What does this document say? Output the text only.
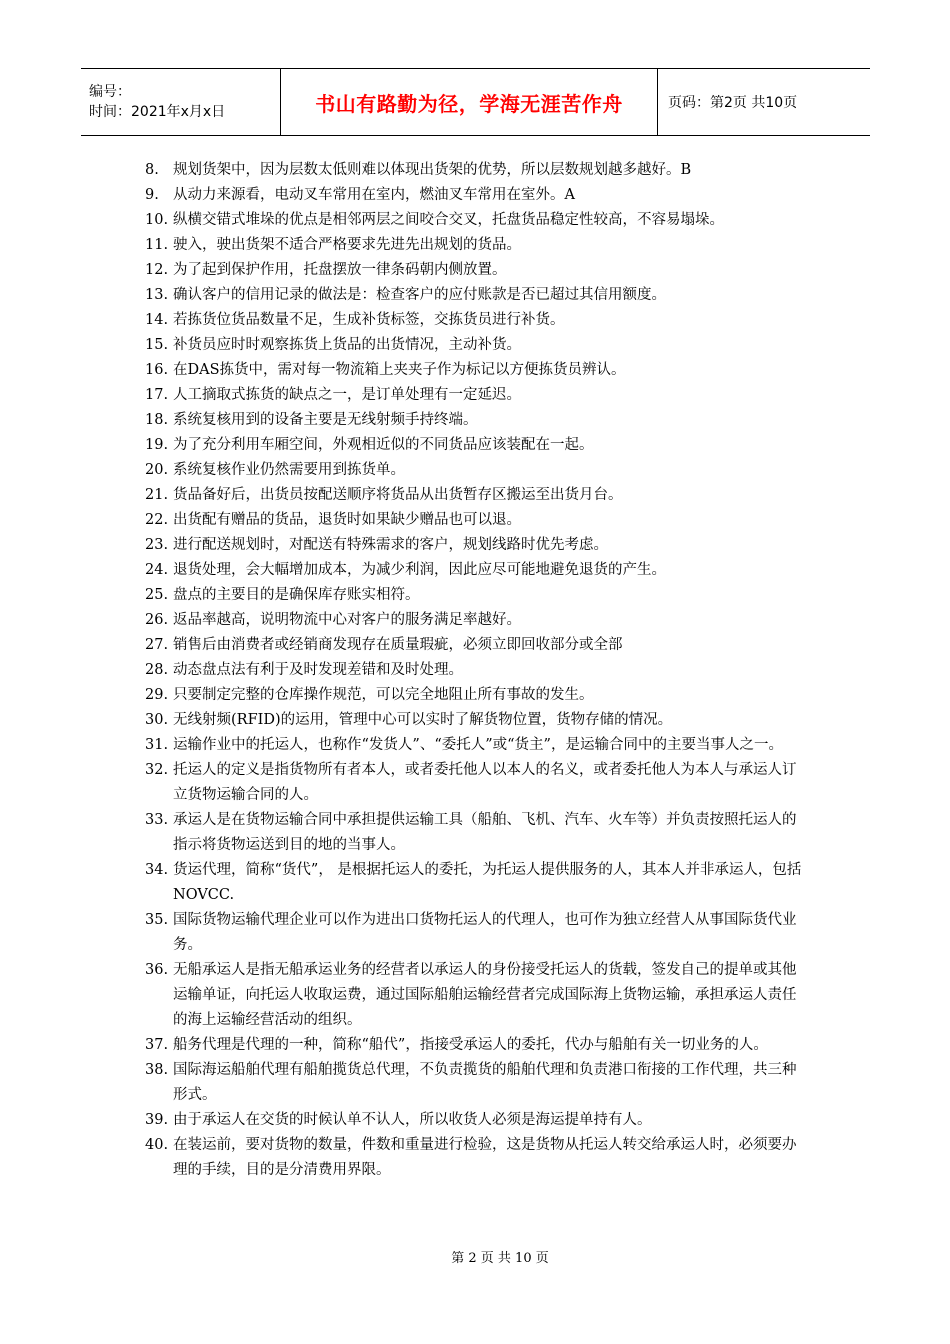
编号：
时间：2021年x月x日	书山有路勤为径，学海无涯苦作舟	页码：第2页 共10页
8. 规划货架中，因为层数太低则难以体现出货架的优势，所以层数规划越多越好。B
9. 从动力来源看，电动叉车常用在室内，燃油叉车常用在室外。A
10. 纵横交错式堆垛的优点是相邻两层之间咬合交叉，托盘货品稳定性较高，不容易塌垛。
11. 驶入，驶出货架不适合严格要求先进先出规划的货品。
12. 为了起到保护作用，托盘摆放一律条码朝内侧放置。
13. 确认客户的信用记录的做法是：检查客户的应付账款是否已超过其信用额度。
14. 若拣货位货品数量不足，生成补货标签，交拣货员进行补货。
15. 补货员应时时观察拣货上货品的出货情况，主动补货。
16. 在DAS拣货中，需对每一物流箱上夹夹子作为标记以方便拣货员辨认。
17. 人工摘取式拣货的缺点之一，是订单处理有一定延迟。
18. 系统复核用到的设备主要是无线射频手持终端。
19. 为了充分利用车厢空间，外观相近似的不同货品应该装配在一起。
20. 系统复核作业仍然需要用到拣货单。
21. 货品备好后，出货员按配送顺序将货品从出货暂存区搬运至出货月台。
22. 出货配有赠品的货品，退货时如果缺少赠品也可以退。
23. 进行配送规划时，对配送有特殊需求的客户，规划线路时优先考虑。
24. 退货处理，会大幅增加成本，为减少利润，因此应尽可能地避免退货的产生。
25. 盘点的主要目的是确保库存账实相符。
26. 返品率越高，说明物流中心对客户的服务满足率越好。
27. 销售后由消费者或经销商发现存在质量瑕疵，必须立即回收部分或全部
28. 动态盘点法有利于及时发现差错和及时处理。
29. 只要制定完整的仓库操作规范，可以完全地阻止所有事故的发生。
30. 无线射频(RFID)的运用，管理中心可以实时了解货物位置，货物存储的情况。
31. 运输作业中的托运人，也称作“发货人”、“委托人”或“货主”，是运输合同中的主要当事人之一。
32. 托运人的定义是指货物所有者本人，或者委托他人以本人的名义，或者委托他人为本人与承运人订立货物运输合同的人。
33. 承运人是在货物运输合同中承担提供运输工具（船舶、飞机、汽车、火车等）并负责按照托运人的指示将货物运送到目的地的当事人。
34. 货运代理，简称“货代”， 是根据托运人的委托，为托运人提供服务的人，其本人并非承运人，包括NOVCC.
35. 国际货物运输代理企业可以作为进出口货物托运人的代理人，也可作为独立经营人从事国际货代业务。
36. 无船承运人是指无船承运业务的经营者以承运人的身份接受托运人的货载，签发自己的提单或其他运输单证，向托运人收取运费，通过国际船舶运输经营者完成国际海上货物运输，承担承运人责任的海上运输经营活动的组织。
37. 船务代理是代理的一种，简称“船代”，指接受承运人的委托，代办与船舶有关一切业务的人。
38. 国际海运船舶代理有船舶揽货总代理，不负责揽货的船舶代理和负责港口衔接的工作代理，共三种形式。
39. 由于承运人在交货的时候认单不认人，所以收货人必须是海运提单持有人。
40. 在装运前，要对货物的数量，件数和重量进行检验，这是货物从托运人转交给承运人时，必须要办理的手续，目的是分清费用界限。
第 2 页 共 10 页
